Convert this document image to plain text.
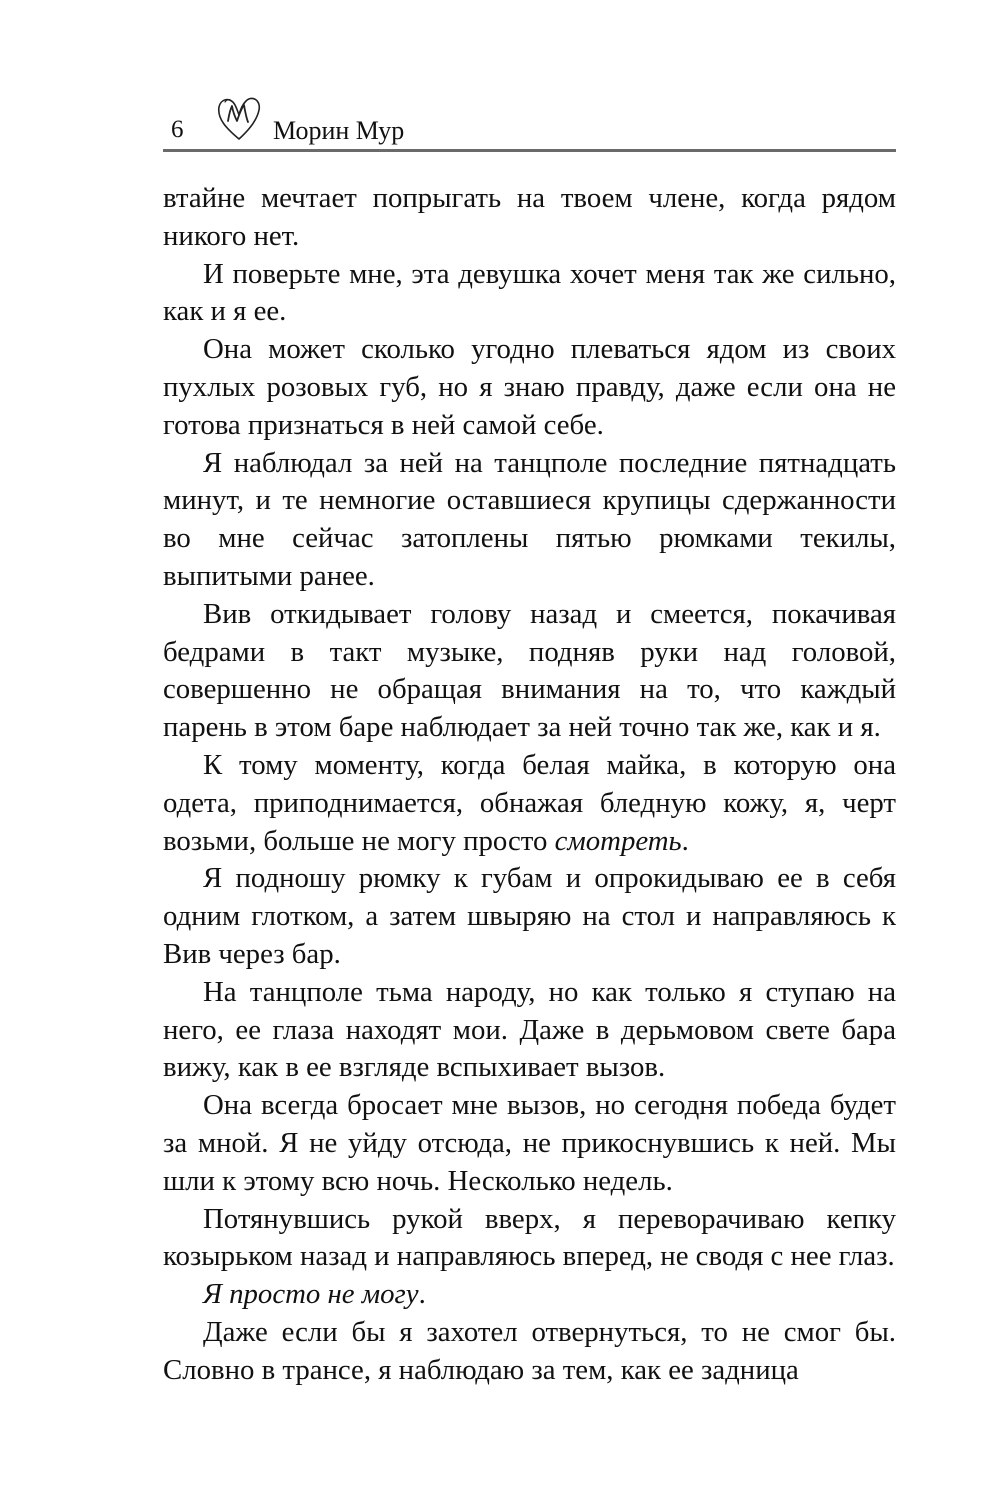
6	Морин Мур

втайне мечтает попрыгать на твоем члене, когда рядом никого нет.

И поверьте мне, эта девушка хочет меня так же сильно, как и я ее.

Она может сколько угодно плеваться ядом из своих пухлых розовых губ, но я знаю правду, даже если она не готова признаться в ней самой себе.

Я наблюдал за ней на танцполе последние пятнадцать минут, и те немногие оставшиеся крупицы сдержанности во мне сейчас затоплены пятью рюмками текилы, выпитыми ранее.

Вив откидывает голову назад и смеется, покачивая бедрами в такт музыке, подняв руки над головой, совершенно не обращая внимания на то, что каждый парень в этом баре наблюдает за ней точно так же, как и я.

К тому моменту, когда белая майка, в которую она одета, приподнимается, обнажая бледную кожу, я, черт возьми, больше не могу просто смотреть.

Я подношу рюмку к губам и опрокидываю ее в себя одним глотком, а затем швыряю на стол и направляюсь к Вив через бар.

На танцполе тьма народу, но как только я ступаю на него, ее глаза находят мои. Даже в дерьмовом свете бара вижу, как в ее взгляде вспыхивает вызов.

Она всегда бросает мне вызов, но сегодня победа будет за мной. Я не уйду отсюда, не прикоснувшись к ней. Мы шли к этому всю ночь. Несколько недель.

Потянувшись рукой вверх, я переворачиваю кепку козырьком назад и направляюсь вперед, не сводя с нее глаз.

Я просто не могу.

Даже если бы я захотел отвернуться, то не смог бы. Словно в трансе, я наблюдаю за тем, как ее задница
